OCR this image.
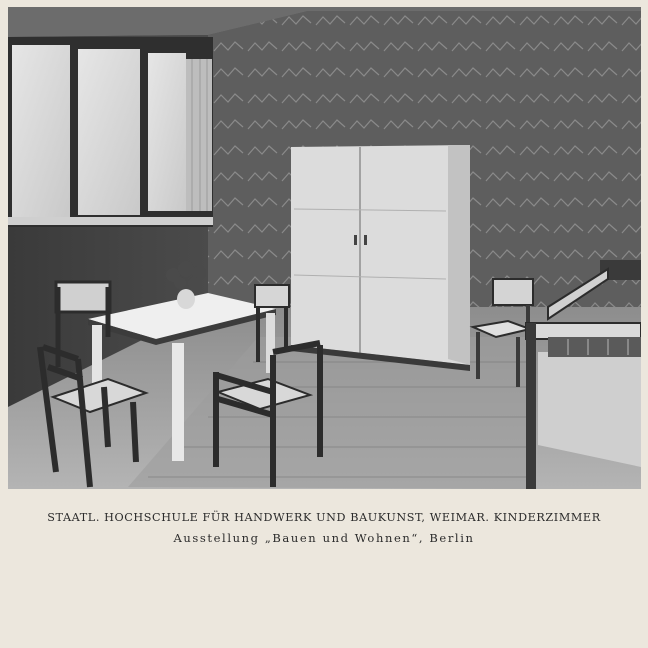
STAATL. HOCHSCHULE FÜR HANDWERK UND BAUKUNST, WEIMAR. KINDERZIMMER
Ausstellung „Bauen und Wohnen“, Berlin
